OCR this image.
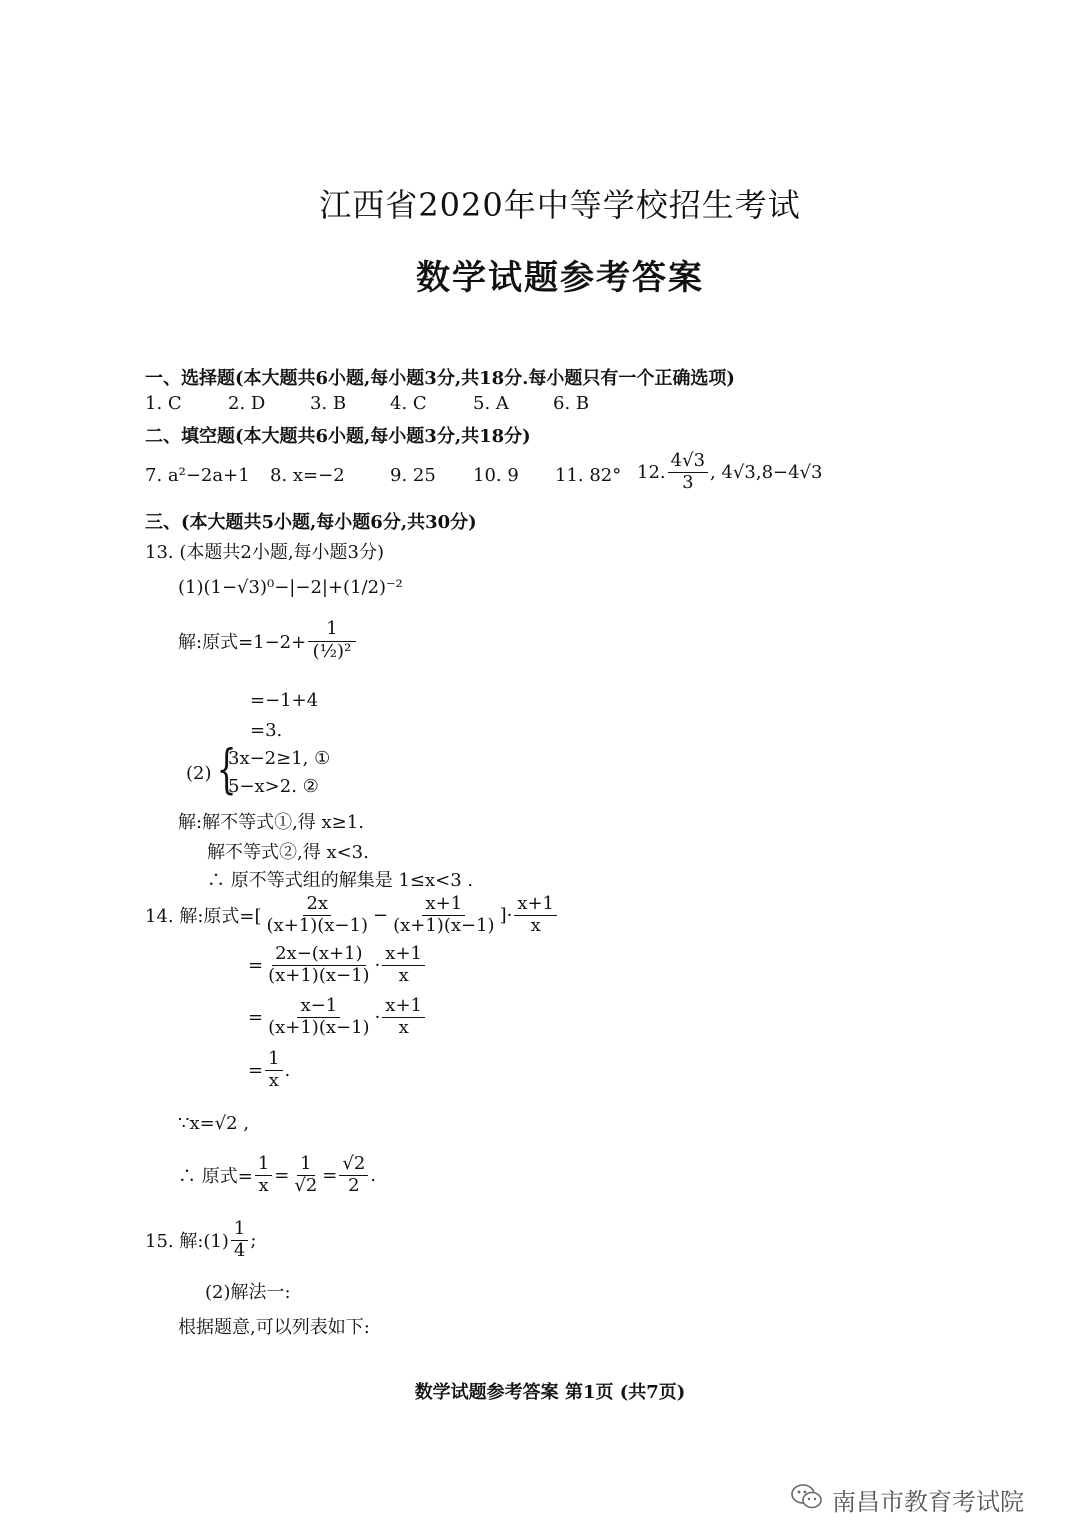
江西省2020年中等学校招生考试
数学试题参考答案
一、选择题(本大题共6小题,每小题3分,共18分.每小题只有一个正确选项)
1. C	2. D 3. B 4. C	5. A 6. B
二、填空题(本大题共6小题,每小题3分,共18分)
7. a²−2a+1 8. x=−2	9. 25 10. 9 11. 82° 12. $\frac{4√3}{3}$ , 4√3 ,8−4√3
三、(本大题共5小题,每小题6分,共30分)
13. (本题共2小题,每小题3分)
(1)(1−√3)⁰−|−2|+(1/2)⁻²
解:原式$=1-2+ \frac{1}{\text{(½)²}}$
=−1+4
=3.
(2) {
3x−2≥1, ①
5−x>2. ②
解:解不等式①,得 x≥1.
解不等式②,得 x<3.
∴ 原不等式组的解集是 1≤x<3 .
14. 解:原式=[ $\frac{2x}{(x+1)(x-1)} - \frac{x+1}{(x+1)(x-1)}$ ]· $\frac{x+1}{x}$
= $\frac{2x-(x+1)}{(x+1)(x-1)} \cdot \frac{x+1}{x}$
= $\frac{x-1}{(x+1)(x-1)} \cdot \frac{x+1}{x}$
= $\frac{1}{x}$ .
∵x=√2 ,
∴ 原式= $\frac{1}{x} = \frac{1}{√2} = \frac{√2}{2}$ .
15. 解:(1) $\frac{1}{4}$ ;
(2)解法一:
根据题意,可以列表如下:
数学试题参考答案 第1页 (共7页)
南昌市教育考试院
